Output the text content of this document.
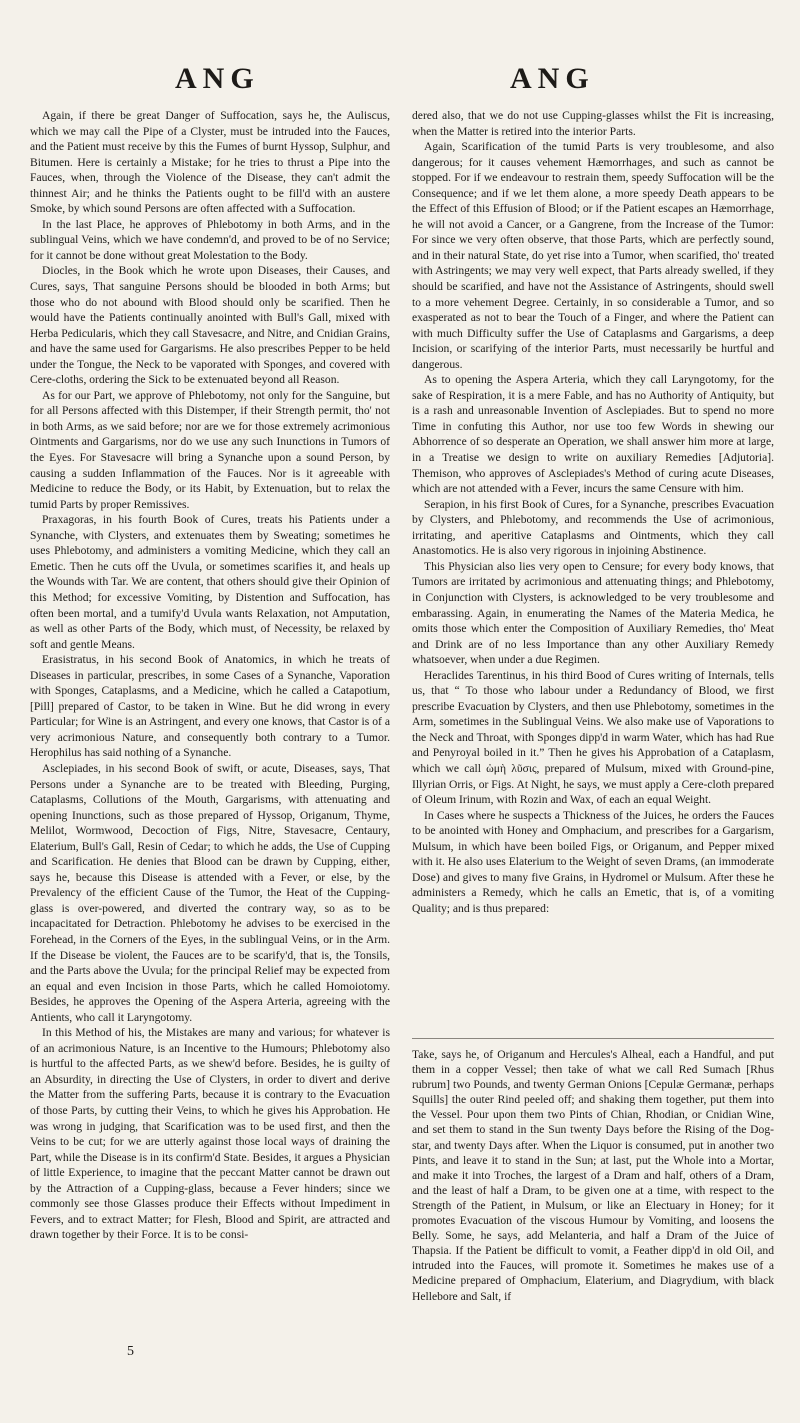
ANG	ANG

Again, if there be great Danger of Suffocation, says he, the Auliscus, which we may call the Pipe of a Clyster, must be intruded into the Fauces, and the Patient must receive by this the Fumes of burnt Hyssop, Sulphur, and Bitumen. Here is certainly a Mistake; for he tries to thrust a Pipe into the Fauces, when, through the Violence of the Disease, they can't admit the thinnest Air; and he thinks the Patients ought to be fill'd with an austere Smoke, by which sound Persons are often affected with a Suffocation.

In the last Place, he approves of Phlebotomy in both Arms, and in the sublingual Veins, which we have condemn'd, and proved to be of no Service; for it cannot be done without great Molestation to the Body.

Diocles, in the Book which he wrote upon Diseases, their Causes, and Cures, says, That sanguine Persons should be blooded in both Arms; but those who do not abound with Blood should only be scarified. Then he would have the Patients continually anointed with Bull's Gall, mixed with Herba Pedicularis, which they call Stavesacre, and Nitre, and Cnidian Grains, and have the same used for Gargarisms. He also prescribes Pepper to be held under the Tongue, the Neck to be vaporated with Sponges, and covered with Cere-cloths, ordering the Sick to be extenuated beyond all Reason.

As for our Part, we approve of Phlebotomy, not only for the Sanguine, but for all Persons affected with this Distemper, if their Strength permit, tho' not in both Arms, as we said before; nor are we for those extremely acrimonious Ointments and Gargarisms, nor do we use any such Inunctions in Tumors of the Eyes. For Stavesacre will bring a Synanche upon a sound Person, by causing a sudden Inflammation of the Fauces. Nor is it agreeable with Medicine to reduce the Body, or its Habit, by Extenuation, but to relax the tumid Parts by proper Remissives.

Praxagoras, in his fourth Book of Cures, treats his Patients under a Synanche, with Clysters, and extenuates them by Sweating; sometimes he uses Phlebotomy, and administers a vomiting Medicine, which they call an Emetic. Then he cuts off the Uvula, or sometimes scarifies it, and heals up the Wounds with Tar. We are content, that others should give their Opinion of this Method; for excessive Vomiting, by Distention and Suffocation, has often been mortal, and a tumify'd Uvula wants Relaxation, not Amputation, as well as other Parts of the Body, which must, of Necessity, be relaxed by soft and gentle Means.

Erasistratus, in his second Book of Anatomics, in which he treats of Diseases in particular, prescribes, in some Cases of a Synanche, Vaporation with Sponges, Cataplasms, and a Medicine, which he called a Catapotium, [Pill] prepared of Castor, to be taken in Wine. But he did wrong in every Particular; for Wine is an Astringent, and every one knows, that Castor is of a very acrimonious Nature, and consequently both contrary to a Tumor. Herophilus has said nothing of a Synanche.

Asclepiades, in his second Book of swift, or acute, Diseases, says, That Persons under a Synanche are to be treated with Bleeding, Purging, Cataplasms, Collutions of the Mouth, Gargarisms, with attenuating and opening Inunctions, such as those prepared of Hyssop, Origanum, Thyme, Melilot, Wormwood, Decoction of Figs, Nitre, Stavesacre, Centaury, Elaterium, Bull's Gall, Resin of Cedar; to which he adds, the Use of Cupping and Scarification. He denies that Blood can be drawn by Cupping, either, says he, because this Disease is attended with a Fever, or else, by the Prevalency of the efficient Cause of the Tumor, the Heat of the Cupping-glass is over-powered, and diverted the contrary way, so as to be incapacitated for Detraction. Phlebotomy he advises to be exercised in the Forehead, in the Corners of the Eyes, in the sublingual Veins, or in the Arm. If the Disease be violent, the Fauces are to be scarify'd, that is, the Tonsils, and the Parts above the Uvula; for the principal Relief may be expected from an equal and even Incision in those Parts, which he called Homoiotomy. Besides, he approves the Opening of the Aspera Arteria, agreeing with the Antients, who call it Laryngotomy.

In this Method of his, the Mistakes are many and various; for whatever is of an acrimonious Nature, is an Incentive to the Humours; Phlebotomy also is hurtful to the affected Parts, as we shew'd before. Besides, he is guilty of an Absurdity, in directing the Use of Clysters, in order to divert and derive the Matter from the suffering Parts, because it is contrary to the Evacuation of those Parts, by cutting their Veins, to which he gives his Approbation. He was wrong in judging, that Scarification was to be used first, and then the Veins to be cut; for we are utterly against those local ways of draining the Part, while the Disease is in its confirm'd State. Besides, it argues a Physician of little Experience, to imagine that the peccant Matter cannot be drawn out by the Attraction of a Cupping-glass, because a Fever hinders; since we commonly see those Glasses produce their Effects without Impediment in Fevers, and to extract Matter; for Flesh, Blood and Spirit, are attracted and drawn together by their Force. It is to be consi-

dered also, that we do not use Cupping-glasses whilst the Fit is increasing, when the Matter is retired into the interior Parts.

Again, Scarification of the tumid Parts is very troublesome, and also dangerous; for it causes vehement Hæmorrhages, and such as cannot be stopped. For if we endeavour to restrain them, speedy Suffocation will be the Consequence; and if we let them alone, a more speedy Death appears to be the Effect of this Effusion of Blood; or if the Patient escapes an Hæmorrhage, he will not avoid a Cancer, or a Gangrene, from the Increase of the Tumor: For since we very often observe, that those Parts, which are perfectly sound, and in their natural State, do yet rise into a Tumor, when scarified, tho' treated with Astringents; we may very well expect, that Parts already swelled, if they should be scarified, and have not the Assistance of Astringents, should swell to a more vehement Degree. Certainly, in so considerable a Tumor, and so exasperated as not to bear the Touch of a Finger, and where the Patient can with much Difficulty suffer the Use of Cataplasms and Gargarisms, a deep Incision, or scarifying of the interior Parts, must necessarily be hurtful and dangerous.

As to opening the Aspera Arteria, which they call Laryngotomy, for the sake of Respiration, it is a mere Fable, and has no Authority of Antiquity, but is a rash and unreasonable Invention of Asclepiades. But to spend no more Time in confuting this Author, nor use too few Words in shewing our Abhorrence of so desperate an Operation, we shall answer him more at large, in a Treatise we design to write on auxiliary Remedies [Adjutoria]. Themison, who approves of Asclepiades's Method of curing acute Diseases, which are not attended with a Fever, incurs the same Censure with him.

Serapion, in his first Book of Cures, for a Synanche, prescribes Evacuation by Clysters, and Phlebotomy, and recommends the Use of acrimonious, irritating, and aperitive Cataplasms and Ointments, which they call Anastomotics. He is also very rigorous in injoining Abstinence.

This Physician also lies very open to Censure; for every body knows, that Tumors are irritated by acrimonious and attenuating things; and Phlebotomy, in Conjunction with Clysters, is acknowledged to be very troublesome and embarassing. Again, in enumerating the Names of the Materia Medica, he omits those which enter the Composition of Auxiliary Remedies, tho' Meat and Drink are of no less Importance than any other Auxiliary Remedy whatsoever, when under a due Regimen.

Heraclides Tarentinus, in his third Bood of Cures writing of Internals, tells us, that “ To those who labour under a Redundancy of Blood, we first prescribe Evacuation by Clysters, and then use Phlebotomy, sometimes in the Arm, sometimes in the Sublingual Veins. We also make use of Vaporations to the Neck and Throat, with Sponges dipp'd in warm Water, which has had Rue and Penyroyal boiled in it.” Then he gives his Approbation of a Cataplasm, which we call ὠμὴ λῦσις, prepared of Mulsum, mixed with Ground-pine, Illyrian Orris, or Figs. At Night, he says, we must apply a Cere-cloth prepared of Oleum Irinum, with Rozin and Wax, of each an equal Weight.

In Cases where he suspects a Thickness of the Juices, he orders the Fauces to be anointed with Honey and Omphacium, and prescribes for a Gargarism, Mulsum, in which have been boiled Figs, or Origanum, and Pepper mixed with it. He also uses Elaterium to the Weight of seven Drams, (an immoderate Dose) and gives to many five Grains, in Hydromel or Mulsum. After these he administers a Remedy, which he calls an Emetic, that is, of a vomiting Quality; and is thus prepared:

Take, says he, of Origanum and Hercules's Alheal, each a Handful, and put them in a copper Vessel; then take of what we call Red Sumach [Rhus rubrum] two Pounds, and twenty German Onions [Cepulæ Germanæ, perhaps Squills] the outer Rind peeled off; and shaking them together, put them into the Vessel. Pour upon them two Pints of Chian, Rhodian, or Cnidian Wine, and set them to stand in the Sun twenty Days before the Rising of the Dog-star, and twenty Days after. When the Liquor is consumed, put in another two Pints, and leave it to stand in the Sun; at last, put the Whole into a Mortar, and make it into Troches, the largest of a Dram and half, others of a Dram, and the least of half a Dram, to be given one at a time, with respect to the Strength of the Patient, in Mulsum, or like an Electuary in Honey; for it promotes Evacuation of the viscous Humour by Vomiting, and loosens the Belly. Some, he says, add Melanteria, and half a Dram of the Juice of Thapsia. If the Patient be difficult to vomit, a Feather dipp'd in old Oil, and intruded into the Fauces, will promote it. Sometimes he makes use of a Medicine prepared of Omphacium, Elaterium, and Diagrydium, with black Hellebore and Salt, if

5
